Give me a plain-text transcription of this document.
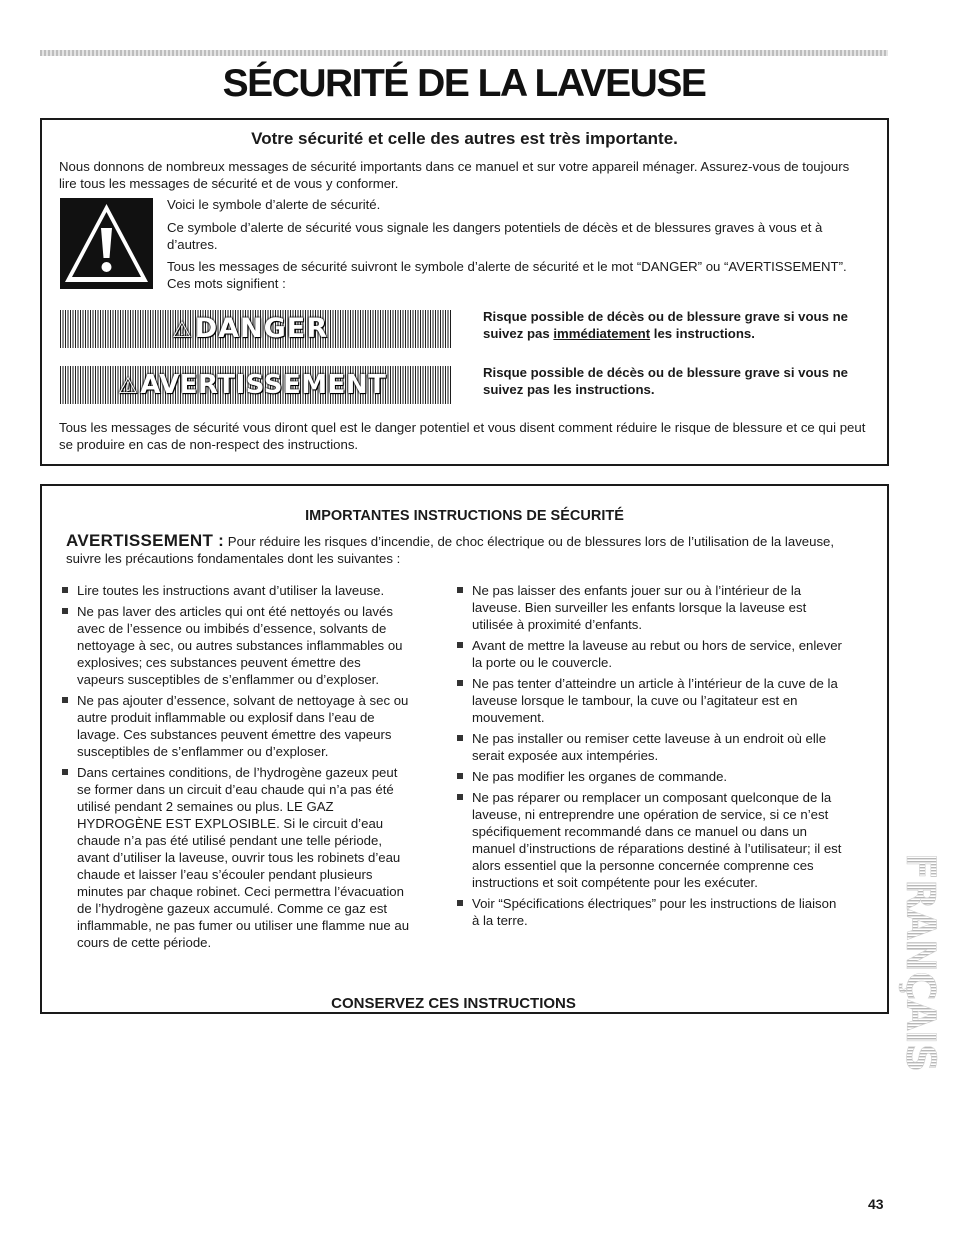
SÉCURITÉ DE LA LAVEUSE
Votre sécurité et celle des autres est très importante.

Nous donnons de nombreux messages de sécurité importants dans ce manuel et sur votre appareil ménager. Assurez-vous de toujours lire tous les messages de sécurité et de vous y conformer.

Voici le symbole d’alerte de sécurité.

Ce symbole d’alerte de sécurité vous signale les dangers potentiels de décès et de blessures graves à vous et à d’autres.

Tous les messages de sécurité suivront le symbole d’alerte de sécurité et le mot “DANGER” ou “AVERTISSEMENT”. Ces mots signifient :

⚠DANGER	Risque possible de décès ou de blessure grave si vous ne suivez pas immédiatement les instructions.

⚠AVERTISSEMENT	Risque possible de décès ou de blessure grave si vous ne suivez pas les instructions.

Tous les messages de sécurité vous diront quel est le danger potentiel et vous disent comment réduire le risque de blessure et ce qui peut se produire en cas de non-respect des instructions.

IMPORTANTES INSTRUCTIONS DE SÉCURITÉ

AVERTISSEMENT : Pour réduire les risques d’incendie, de choc électrique ou de blessures lors de l’utilisation de la laveuse, suivre les précautions fondamentales dont les suivantes :

Lire toutes les instructions avant d’utiliser la laveuse.
Ne pas laver des articles qui ont été nettoyés ou lavés avec de l’essence ou imbibés d’essence, solvants de nettoyage à sec, ou autres substances inflammables ou explosives; ces substances peuvent émettre des vapeurs susceptibles de s’enflammer ou d’exploser.
Ne pas ajouter d’essence, solvant de nettoyage à sec ou autre produit inflammable ou explosif dans l’eau de lavage. Ces substances peuvent émettre des vapeurs susceptibles de s’enflammer ou d’exploser.
Dans certaines conditions, de l’hydrogène gazeux peut se former dans un circuit d’eau chaude qui n’a pas été utilisé pendant 2 semaines ou plus. LE GAZ HYDROGÈNE EST EXPLOSIBLE. Si le circuit d’eau chaude n’a pas été utilisé pendant une telle période, avant d’utiliser la laveuse, ouvrir tous les robinets d’eau chaude et laisser l’eau s’écouler pendant plusieurs minutes par chaque robinet. Ceci permettra l’évacuation de l’hydrogène gazeux accumulé. Comme ce gaz est inflammable, ne pas fumer ou utiliser une flamme nue au cours de cette période.
Ne pas laisser des enfants jouer sur ou à l’intérieur de la laveuse. Bien surveiller les enfants lorsque la laveuse est utilisée à proximité d’enfants.
Avant de mettre la laveuse au rebut ou hors de service, enlever la porte ou le couvercle.
Ne pas tenter d’atteindre un article à l’intérieur de la cuve de la laveuse lorsque le tambour, la cuve ou l’agitateur est en mouvement.
Ne pas installer ou remiser cette laveuse à un endroit où elle serait exposée aux intempéries.
Ne pas modifier les organes de commande.
Ne pas réparer ou remplacer un composant quelconque de la laveuse, ni entreprendre une opération de service, si ce n’est spécifiquement recommandé dans ce manuel ou dans un manuel d’instructions de réparations destiné à l’utilisateur; il est alors essentiel que la personne concernée comprenne ces instructions et soit compétente pour les exécuter.
Voir “Spécifications électriques” pour les instructions de liaison à la terre.
CONSERVEZ CES INSTRUCTIONS	FRANÇAIS
43
